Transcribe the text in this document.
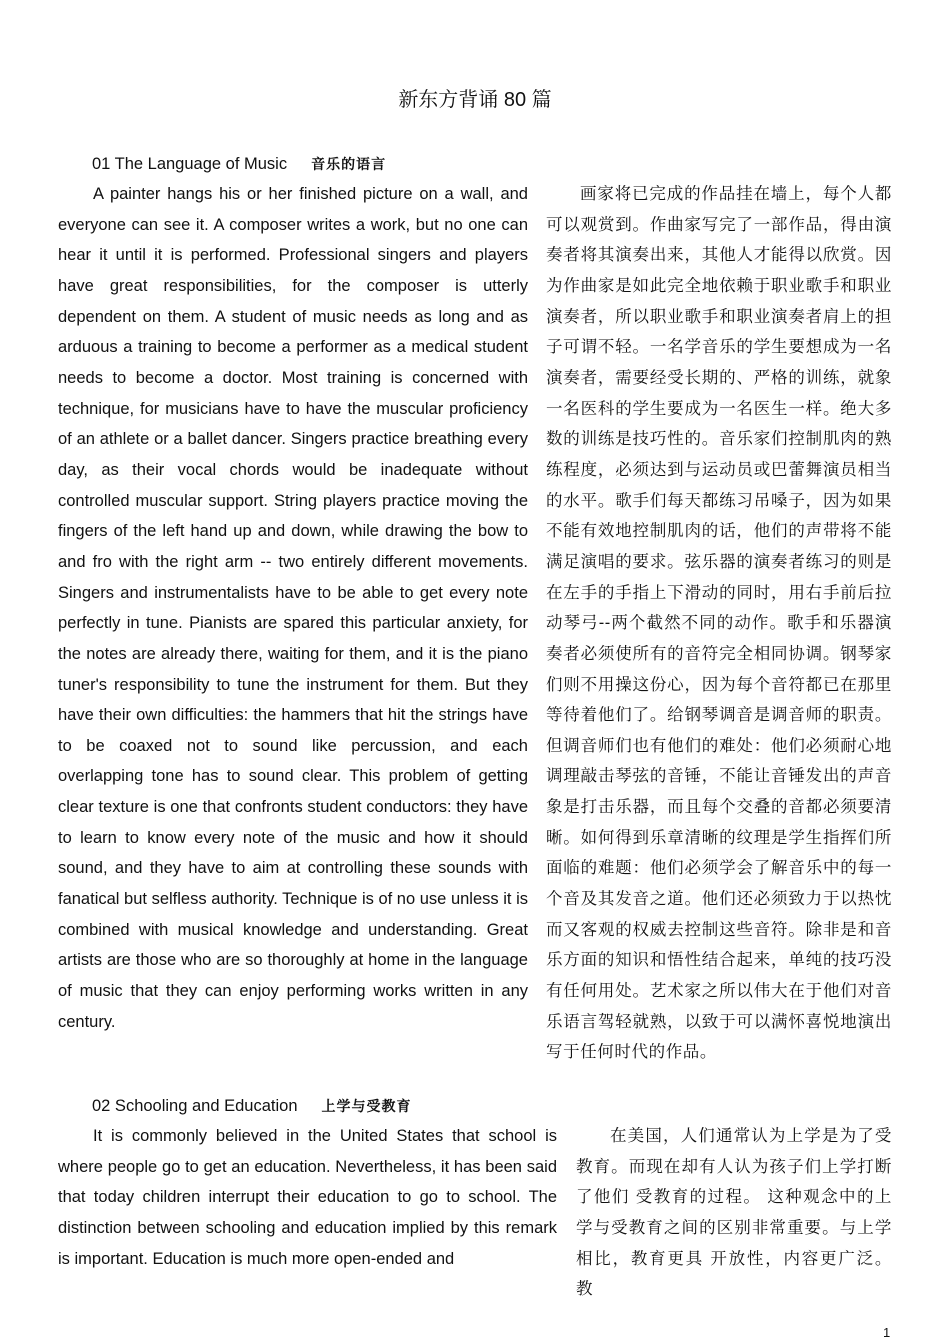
新东方背诵 80 篇
01 The Language of Music 音乐的语言

A painter hangs his or her finished picture on a wall, and everyone can see it. A composer writes a work, but no one can hear it until it is performed. Professional singers and players have great responsibilities, for the composer is utterly dependent on them. A student of music needs as long and as arduous a training to become a performer as a medical student needs to become a doctor. Most training is concerned with technique, for musicians have to have the muscular proficiency of an athlete or a ballet dancer. Singers practice breathing every day, as their vocal chords would be inadequate without controlled muscular support. String players practice moving the fingers of the left hand up and down, while drawing the bow to and fro with the right arm -- two entirely different movements. Singers and instrumentalists have to be able to get every note perfectly in tune. Pianists are spared this particular anxiety, for the notes are already there, waiting for them, and it is the piano tuner's responsibility to tune the instrument for them. But they have their own difficulties: the hammers that hit the strings have to be coaxed not to sound like percussion, and each overlapping tone has to sound clear. This problem of getting clear texture is one that confronts student conductors: they have to learn to know every note of the music and how it should sound, and they have to aim at controlling these sounds with fanatical but selfless authority. Technique is of no use unless it is combined with musical knowledge and understanding. Great artists are those who are so thoroughly at home in the language of music that they can enjoy performing works written in any century.

画家将已完成的作品挂在墙上，每个人都可以观赏到。作曲家写完了一部作品，得由演奏者将其演奏出来，其他人才能得以欣赏。因为作曲家是如此完全地依赖于职业歌手和职业演奏者，所以职业歌手和职业演奏者肩上的担子可谓不轻。一名学音乐的学生要想成为一名演奏者，需要经受长期的、严格的训练，就象一名医科的学生要成为一名医生一样。绝大多数的训练是技巧性的。音乐家们控制肌肉的熟练程度，必须达到与运动员或巴蕾舞演员相当的水平。歌手们每天都练习吊嗓子，因为如果不能有效地控制肌肉的话，他们的声带将不能满足演唱的要求。弦乐器的演奏者练习的则是在左手的手指上下滑动的同时，用右手前后拉动琴弓--两个截然不同的动作。歌手和乐器演奏者必须使所有的音符完全相同协调。钢琴家们则不用操这份心，因为每个音符都已在那里等待着他们了。给钢琴调音是调音师的职责。但调音师们也有他们的难处：他们必须耐心地调理敲击琴弦的音锤，不能让音锤发出的声音象是打击乐器，而且每个交叠的音都必须要清晰。如何得到乐章清晰的纹理是学生指挥们所面临的难题：他们必须学会了解音乐中的每一个音及其发音之道。他们还必须致力于以热忱而又客观的权威去控制这些音符。除非是和音乐方面的知识和悟性结合起来，单纯的技巧没有任何用处。艺术家之所以伟大在于他们对音乐语言驾轻就熟，以致于可以满怀喜悦地演出写于任何时代的作品。

02 Schooling and Education 上学与受教育

It is commonly believed in the United States that school is where people go to get an education. Nevertheless, it has been said that today children interrupt their education to go to school. The distinction between schooling and education implied by this remark is important. Education is much more open-ended and

在美国，人们通常认为上学是为了受教育。而现在却有人认为孩子们上学打断了他们 受教育的过程。 这种观念中的上学与受教育之间的区别非常重要。与上学相比，教育更具 开放性，内容更广泛。 教

1
